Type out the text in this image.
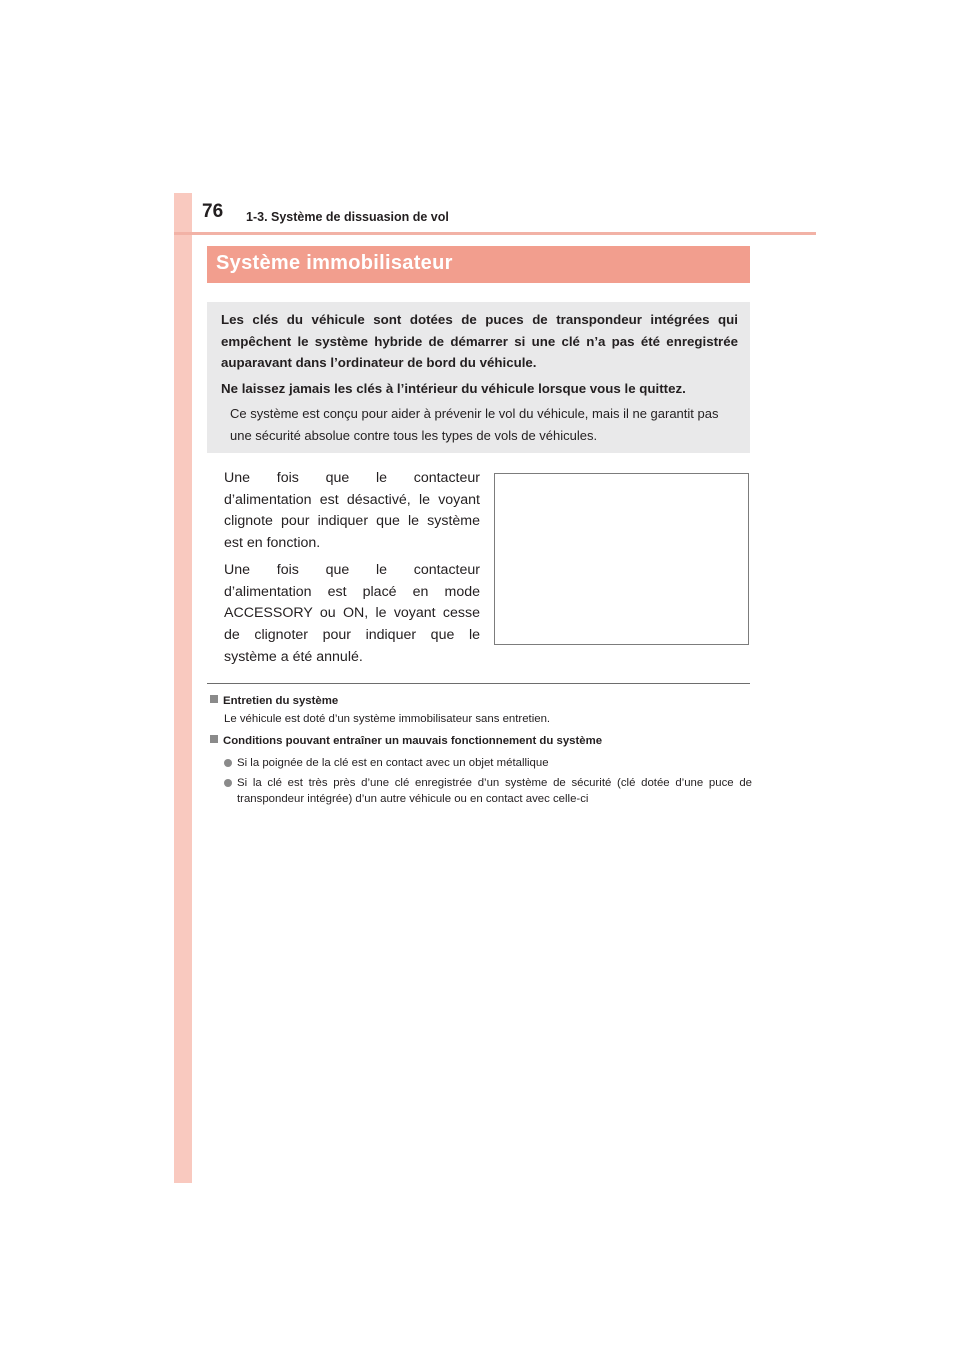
76 1-3. Système de dissuasion de vol
Système immobilisateur

Les clés du véhicule sont dotées de puces de transpondeur intégrées qui empêchent le système hybride de démarrer si une clé n’a pas été enregistrée auparavant dans l’ordinateur de bord du véhicule.

Ne laissez jamais les clés à l’intérieur du véhicule lorsque vous le quittez.

Ce système est conçu pour aider à prévenir le vol du véhicule, mais il ne garantit pas une sécurité absolue contre tous les types de vols de véhicules.

Une fois que le contacteur d’alimentation est désactivé, le voyant clignote pour indiquer que le système est en fonction.

Une fois que le contacteur d’alimentation est placé en mode ACCESSORY ou ON, le voyant cesse de clignoter pour indiquer que le système a été annulé.

Entretien du système
Le véhicule est doté d’un système immobilisateur sans entretien.
Conditions pouvant entraîner un mauvais fonctionnement du système
Si la poignée de la clé est en contact avec un objet métallique
Si la clé est très près d’une clé enregistrée d’un système de sécurité (clé dotée d’une puce de transpondeur intégrée) d’un autre véhicule ou en contact avec celle-ci
